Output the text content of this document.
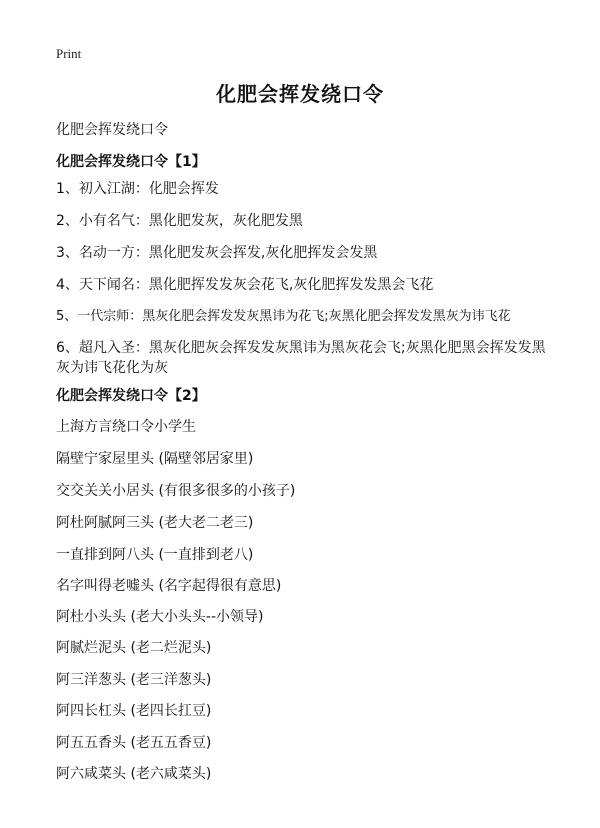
Print
化肥会挥发绕口令
化肥会挥发绕口令
化肥会挥发绕口令【1】
1、初入江湖：化肥会挥发
2、小有名气：黑化肥发灰，灰化肥发黑
3、名动一方：黑化肥发灰会挥发,灰化肥挥发会发黑
4、天下闻名：黑化肥挥发发灰会花飞,灰化肥挥发发黑会飞花
5、一代宗师：黑灰化肥会挥发发灰黑讳为花飞;灰黑化肥会挥发发黑灰为讳飞花
6、超凡入圣：黑灰化肥灰会挥发发灰黑讳为黑灰花会飞;灰黑化肥黑会挥发发黑灰为讳飞花化为灰
化肥会挥发绕口令【2】
上海方言绕口令小学生
隔壁宁家屋里头 (隔壁邻居家里)
交交关关小居头 (有很多很多的小孩子)
阿杜阿腻阿三头 (老大老二老三)
一直排到阿八头 (一直排到老八)
名字叫得老嘘头 (名字起得很有意思)
阿杜小头头 (老大小头头--小领导)
阿腻烂泥头 (老二烂泥头)
阿三洋葱头 (老三洋葱头)
阿四长杠头 (老四长扛豆)
阿五五香头 (老五五香豆)
阿六咸菜头 (老六咸菜头)
